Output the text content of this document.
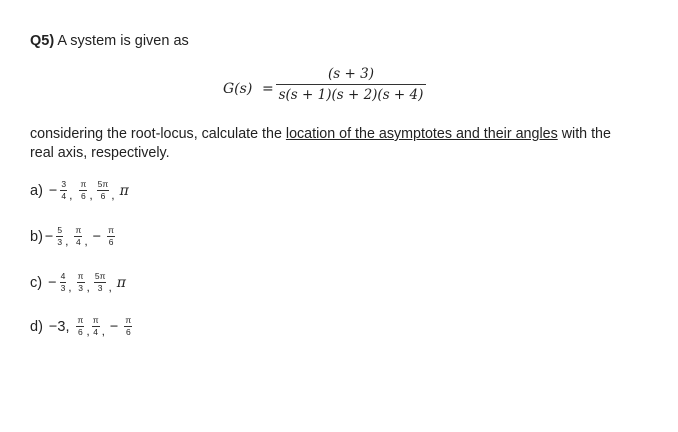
Q5) A system is given as
G(s) =
(s + 3)
s(s + 1)(s + 2)(s + 4)
considering the root-locus, calculate the location of the asymptotes and their angles with the real axis, respectively.
a) − 3
4 ,
π
6 ,
5π
6 , π
b) − 5
3 ,
π
4 , − π
6
c) − 4
3 ,
π
3 ,
5π
3 , π
d) −3, π
6 ,
π
4 , − π
6
